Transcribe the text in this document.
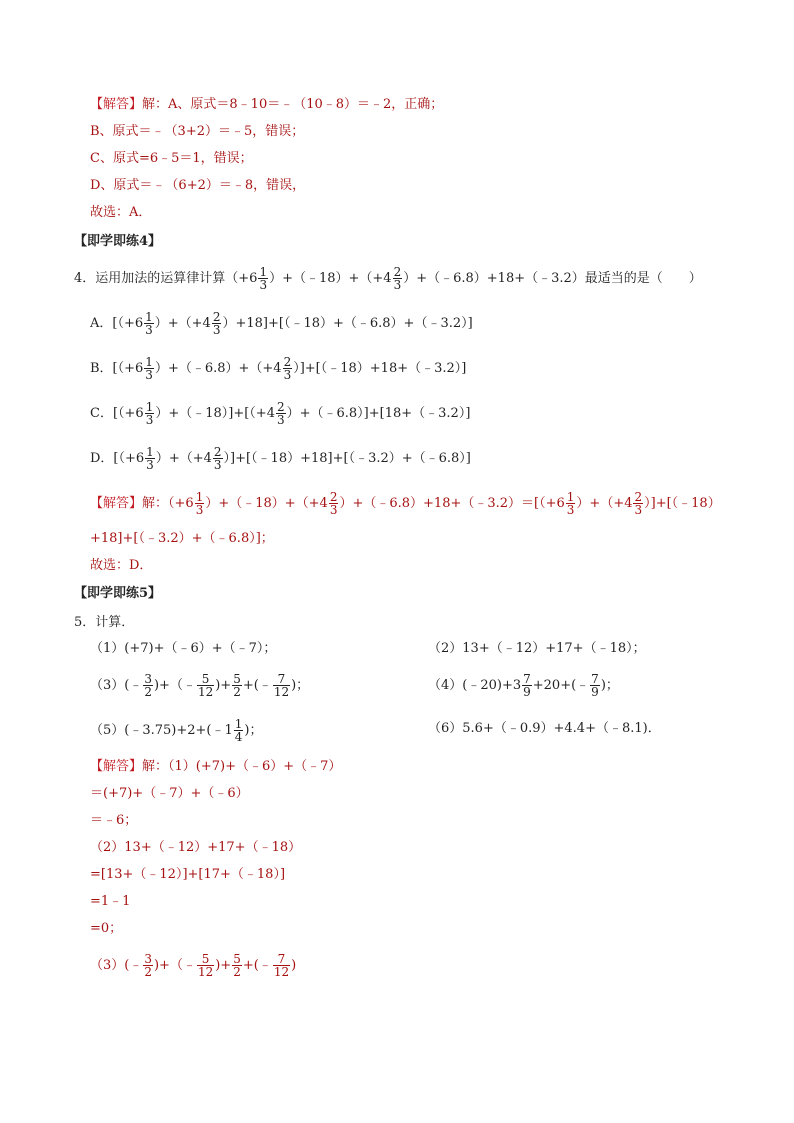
【解答】解：A、原式＝8﹣10＝﹣（10﹣8）＝﹣2，正确；
B、原式＝﹣（3+2）＝﹣5，错误；
C、原式=6﹣5＝1，错误；
D、原式＝﹣（6+2）＝﹣8，错误，
故选：A．
【即学即练4】
4．运用加法的运算律计算（$+6 \frac{1}{3}$ ）+（﹣18）+（+4 $\frac{2}{3}$ ）+（﹣6.8）+18+（﹣3.2）最适当的是（　　）
A．[$(+6 \frac{1}{3} )+(+4 \frac{2}{3}$ ）+18]+[（﹣18）+（﹣6.8）+（﹣3.2）]
B．[（$+6 \frac{1}{3}$ ）+（﹣6.8）+（+4 $\frac{2}{3}$ ）]+[（﹣18）+18+（﹣3.2）]
C．[（$+6 \frac{1}{3}$ ）+（﹣18）]+[（+4 $\frac{2}{3}$ ）+（﹣6.8）]+[18+（﹣3.2）]
D．[$(+6 \frac{1}{3} )+(+4 \frac{2}{3}$ ）]+[（﹣18）+18]+[（﹣3.2）+（﹣6.8）]
【解答】解：（$+6 \frac{1}{3}$ ）+（﹣18）+（+4 $\frac{2}{3}$ ）+（﹣6.8）+18+（﹣3.2）＝[（+6 $\frac{1}{3} )+(+4 \frac{2}{3}$ ）]+[（﹣18）
+18]+[（﹣3.2）+（﹣6.8）]；
故选：D．
【即学即练5】
5．计算．
（1）(+7)+（﹣6）+（﹣7）；	（2）13+（﹣12）+17+（﹣18）；
（3）(﹣ $\frac{3}{2}$ )+（﹣ $\frac{5}{12}$ )+ $\frac{5}{2}$ +(﹣ $\frac{7}{12}$ )；	（4）(﹣20)+3 $\frac{7}{9}$ +20+(﹣ $\frac{7}{9}$ )；
（5）(﹣3.75)+2+(﹣1 $\frac{1}{4}$ )；	（6）5.6+（﹣0.9）+4.4+（﹣8.1)．
【解答】解：（1）(+7)+（﹣6）+（﹣7）
＝(+7)+（﹣7）+（﹣6）
＝﹣6；
（2）13+（﹣12）+17+（﹣18）
=[13+（﹣12）]+[17+（﹣18）]
=1﹣1
=0；
（3）(﹣ $\frac{3}{2}$ )+（﹣ $\frac{5}{12}$ )+ $\frac{5}{2}$ +(﹣ $\frac{7}{12}$ )
